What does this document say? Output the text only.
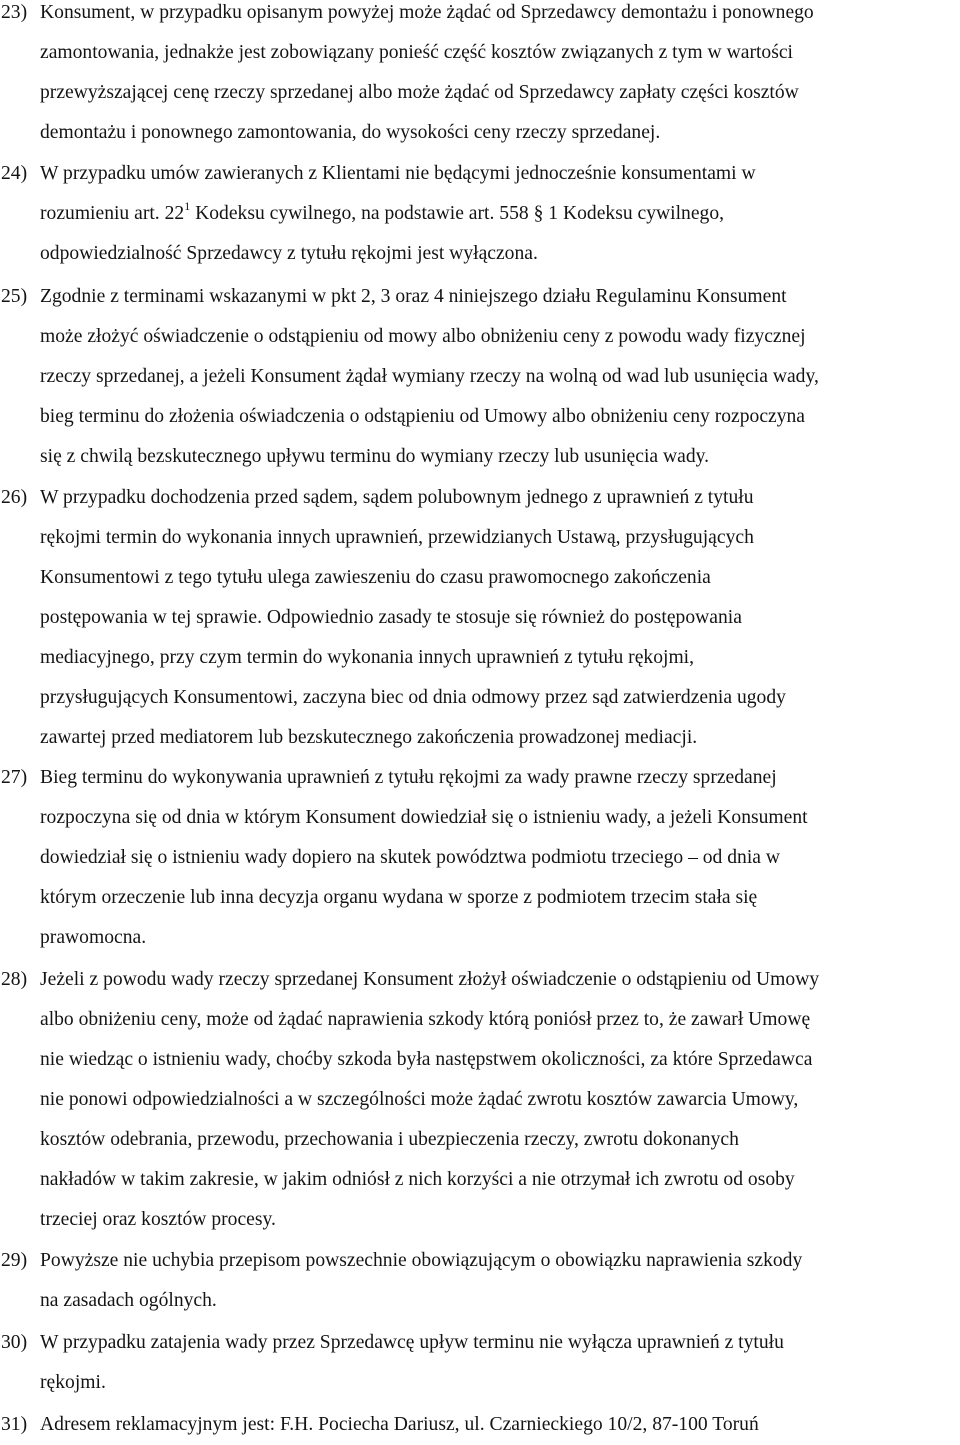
23) Konsument, w przypadku opisanym powyżej może żądać od Sprzedawcy demontażu i ponownego
zamontowania, jednakże jest zobowiązany ponieść część kosztów związanych z tym w wartości
przewyższającej cenę rzeczy sprzedanej albo może żądać od Sprzedawcy zapłaty części kosztów
demontażu i ponownego zamontowania, do wysokości ceny rzeczy sprzedanej.
24) W przypadku umów zawieranych z Klientami nie będącymi jednocześnie konsumentami w
rozumieniu art. $22^1$ Kodeksu cywilnego, na podstawie art. 558 § 1 Kodeksu cywilnego,
odpowiedzialność Sprzedawcy z tytułu rękojmi jest wyłączona.
25) Zgodnie z terminami wskazanymi w pkt 2, 3 oraz 4 niniejszego działu Regulaminu Konsument
może złożyć oświadczenie o odstąpieniu od mowy albo obniżeniu ceny z powodu wady fizycznej
rzeczy sprzedanej, a jeżeli Konsument żądał wymiany rzeczy na wolną od wad lub usunięcia wady,
bieg terminu do złożenia oświadczenia o odstąpieniu od Umowy albo obniżeniu ceny rozpoczyna
się z chwilą bezskutecznego upływu terminu do wymiany rzeczy lub usunięcia wady.
26) W przypadku dochodzenia przed sądem, sądem polubownym jednego z uprawnień z tytułu
rękojmi termin do wykonania innych uprawnień, przewidzianych Ustawą, przysługujących
Konsumentowi z tego tytułu ulega zawieszeniu do czasu prawomocnego zakończenia
postępowania w tej sprawie. Odpowiednio zasady te stosuje się również do postępowania
mediacyjnego, przy czym termin do wykonania innych uprawnień z tytułu rękojmi,
przysługujących Konsumentowi, zaczyna biec od dnia odmowy przez sąd zatwierdzenia ugody
zawartej przed mediatorem lub bezskutecznego zakończenia prowadzonej mediacji.
27) Bieg terminu do wykonywania uprawnień z tytułu rękojmi za wady prawne rzeczy sprzedanej
rozpoczyna się od dnia w którym Konsument dowiedział się o istnieniu wady, a jeżeli Konsument
dowiedział się o istnieniu wady dopiero na skutek powództwa podmiotu trzeciego – od dnia w
którym orzeczenie lub inna decyzja organu wydana w sporze z podmiotem trzecim stała się
prawomocna.
28) Jeżeli z powodu wady rzeczy sprzedanej Konsument złożył oświadczenie o odstąpieniu od Umowy
albo obniżeniu ceny, może od żądać naprawienia szkody którą poniósł przez to, że zawarł Umowę
nie wiedząc o istnieniu wady, choćby szkoda była następstwem okoliczności, za które Sprzedawca
nie ponowi odpowiedzialności a w szczególności może żądać zwrotu kosztów zawarcia Umowy,
kosztów odebrania, przewodu, przechowania i ubezpieczenia rzeczy, zwrotu dokonanych
nakładów w takim zakresie, w jakim odniósł z nich korzyści a nie otrzymał ich zwrotu od osoby
trzeciej oraz kosztów procesy.
29) Powyższe nie uchybia przepisom powszechnie obowiązującym o obowiązku naprawienia szkody
na zasadach ogólnych.
30) W przypadku zatajenia wady przez Sprzedawcę upływ terminu nie wyłącza uprawnień z tytułu
rękojmi.
31) Adresem reklamacyjnym jest: F.H. Pociecha Dariusz, ul. Czarnieckiego 10/2, 87-100 Toruń
